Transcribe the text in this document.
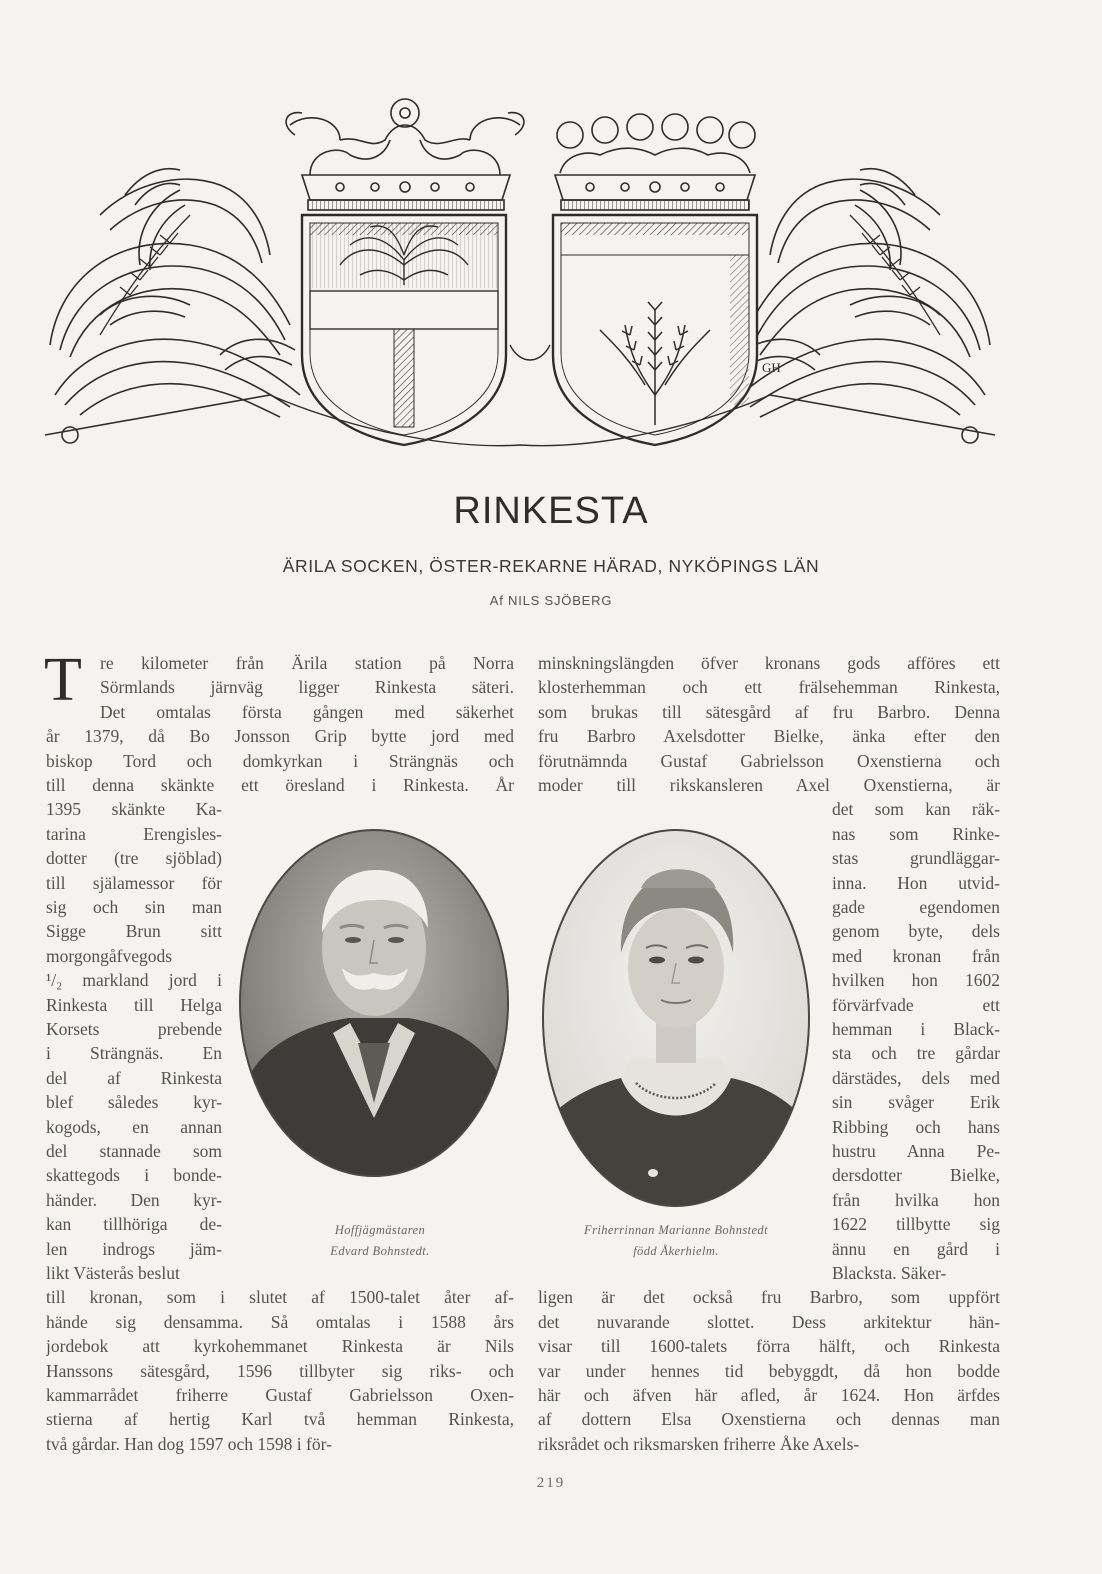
GH
RINKESTA
ÄRILA SOCKEN, ÖSTER-REKARNE HÄRAD, NYKÖPINGS LÄN
Af NILS SJÖBERG
T re kilometer från Ärila station på Norra
Sörmlands järnväg ligger Rinkesta säteri.
Det omtalas första gången med säkerhet
år 1379, då Bo Jonsson Grip bytte jord med
biskop Tord och domkyrkan i Strängnäs och
till denna skänkte ett öresland i Rinkesta. År
1395 skänkte Ka-
tarina Erengisles-
dotter (tre sjöblad)
till själamessor för
sig och sin man
Sigge Brun sitt
morgongåfvegods
¹/₂ markland jord i
Rinkesta till Helga
Korsets prebende
i Strängnäs. En
del af Rinkesta
blef således kyr-
kogods, en annan
del stannade som
skattegods i bonde-
händer. Den kyr-
kan tillhöriga de-
len indrogs jäm-
likt Västerås beslut
till kronan, som i slutet af 1500-talet åter af-
hände sig densamma. Så omtalas i 1588 års
jordebok att kyrkohemmanet Rinkesta är Nils
Hanssons sätesgård, 1596 tillbyter sig riks- och
kammarrådet friherre Gustaf Gabrielsson Oxen-
stierna af hertig Karl två hemman Rinkesta,
två gårdar. Han dog 1597 och 1598 i för-
minskningslängden öfver kronans gods afföres ett
klosterhemman och ett frälsehemman Rinkesta,
som brukas till sätesgård af fru Barbro. Denna
fru Barbro Axelsdotter Bielke, änka efter den
förutnämnda Gustaf Gabrielsson Oxenstierna och
moder till rikskansleren Axel Oxenstierna, är
det som kan räk-
nas som Rinke-
stas grundläggar-
inna. Hon utvid-
gade egendomen
genom byte, dels
med kronan från
hvilken hon 1602
förvärfvade ett
hemman i Black-
sta och tre gårdar
därstädes, dels med
sin svåger Erik
Ribbing och hans
hustru Anna Pe-
dersdotter Bielke,
från hvilka hon
1622 tillbytte sig
ännu en gård i
Blacksta. Säker-
ligen är det också fru Barbro, som uppfört
det nuvarande slottet. Dess arkitektur hän-
visar till 1600-talets förra hälft, och Rinkesta
var under hennes tid bebyggdt, då hon bodde
här och äfven här afled, år 1624. Hon ärfdes
af dottern Elsa Oxenstierna och dennas man
riksrådet och riksmarsken friherre Åke Axels-
Hoffjägmästaren
Edvard Bohnstedt.
Friherrinnan Marianne Bohnstedt
född Åkerhielm.
219
